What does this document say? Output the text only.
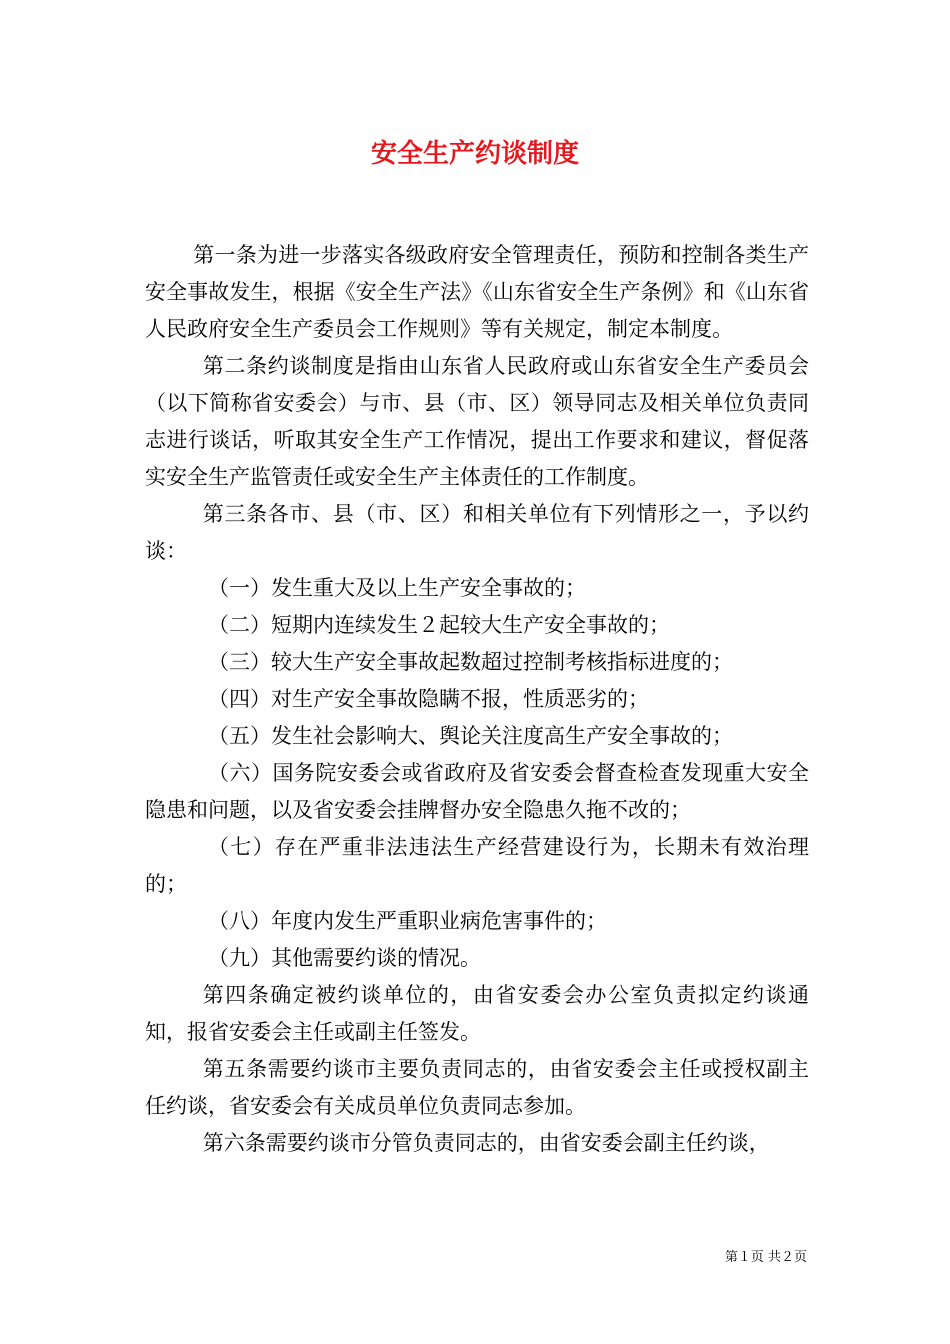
安全生产约谈制度

第一条为进一步落实各级政府安全管理责任，预防和控制各类生产安全事故发生，根据《安全生产法》《山东省安全生产条例》和《山东省人民政府安全生产委员会工作规则》等有关规定，制定本制度。

第二条约谈制度是指由山东省人民政府或山东省安全生产委员会（以下简称省安委会）与市、县（市、区）领导同志及相关单位负责同志进行谈话，听取其安全生产工作情况，提出工作要求和建议，督促落实安全生产监管责任或安全生产主体责任的工作制度。

第三条各市、县（市、区）和相关单位有下列情形之一，予以约谈：

（一）发生重大及以上生产安全事故的；

（二）短期内连续发生２起较大生产安全事故的；

（三）较大生产安全事故起数超过控制考核指标进度的；

（四）对生产安全事故隐瞒不报，性质恶劣的；

（五）发生社会影响大、舆论关注度高生产安全事故的；

（六）国务院安委会或省政府及省安委会督查检查发现重大安全隐患和问题，以及省安委会挂牌督办安全隐患久拖不改的；

（七）存在严重非法违法生产经营建设行为，长期未有效治理的；

（八）年度内发生严重职业病危害事件的；

（九）其他需要约谈的情况。

第四条确定被约谈单位的，由省安委会办公室负责拟定约谈通知，报省安委会主任或副主任签发。

第五条需要约谈市主要负责同志的，由省安委会主任或授权副主任约谈，省安委会有关成员单位负责同志参加。

第六条需要约谈市分管负责同志的，由省安委会副主任约谈，

第１页 共２页
